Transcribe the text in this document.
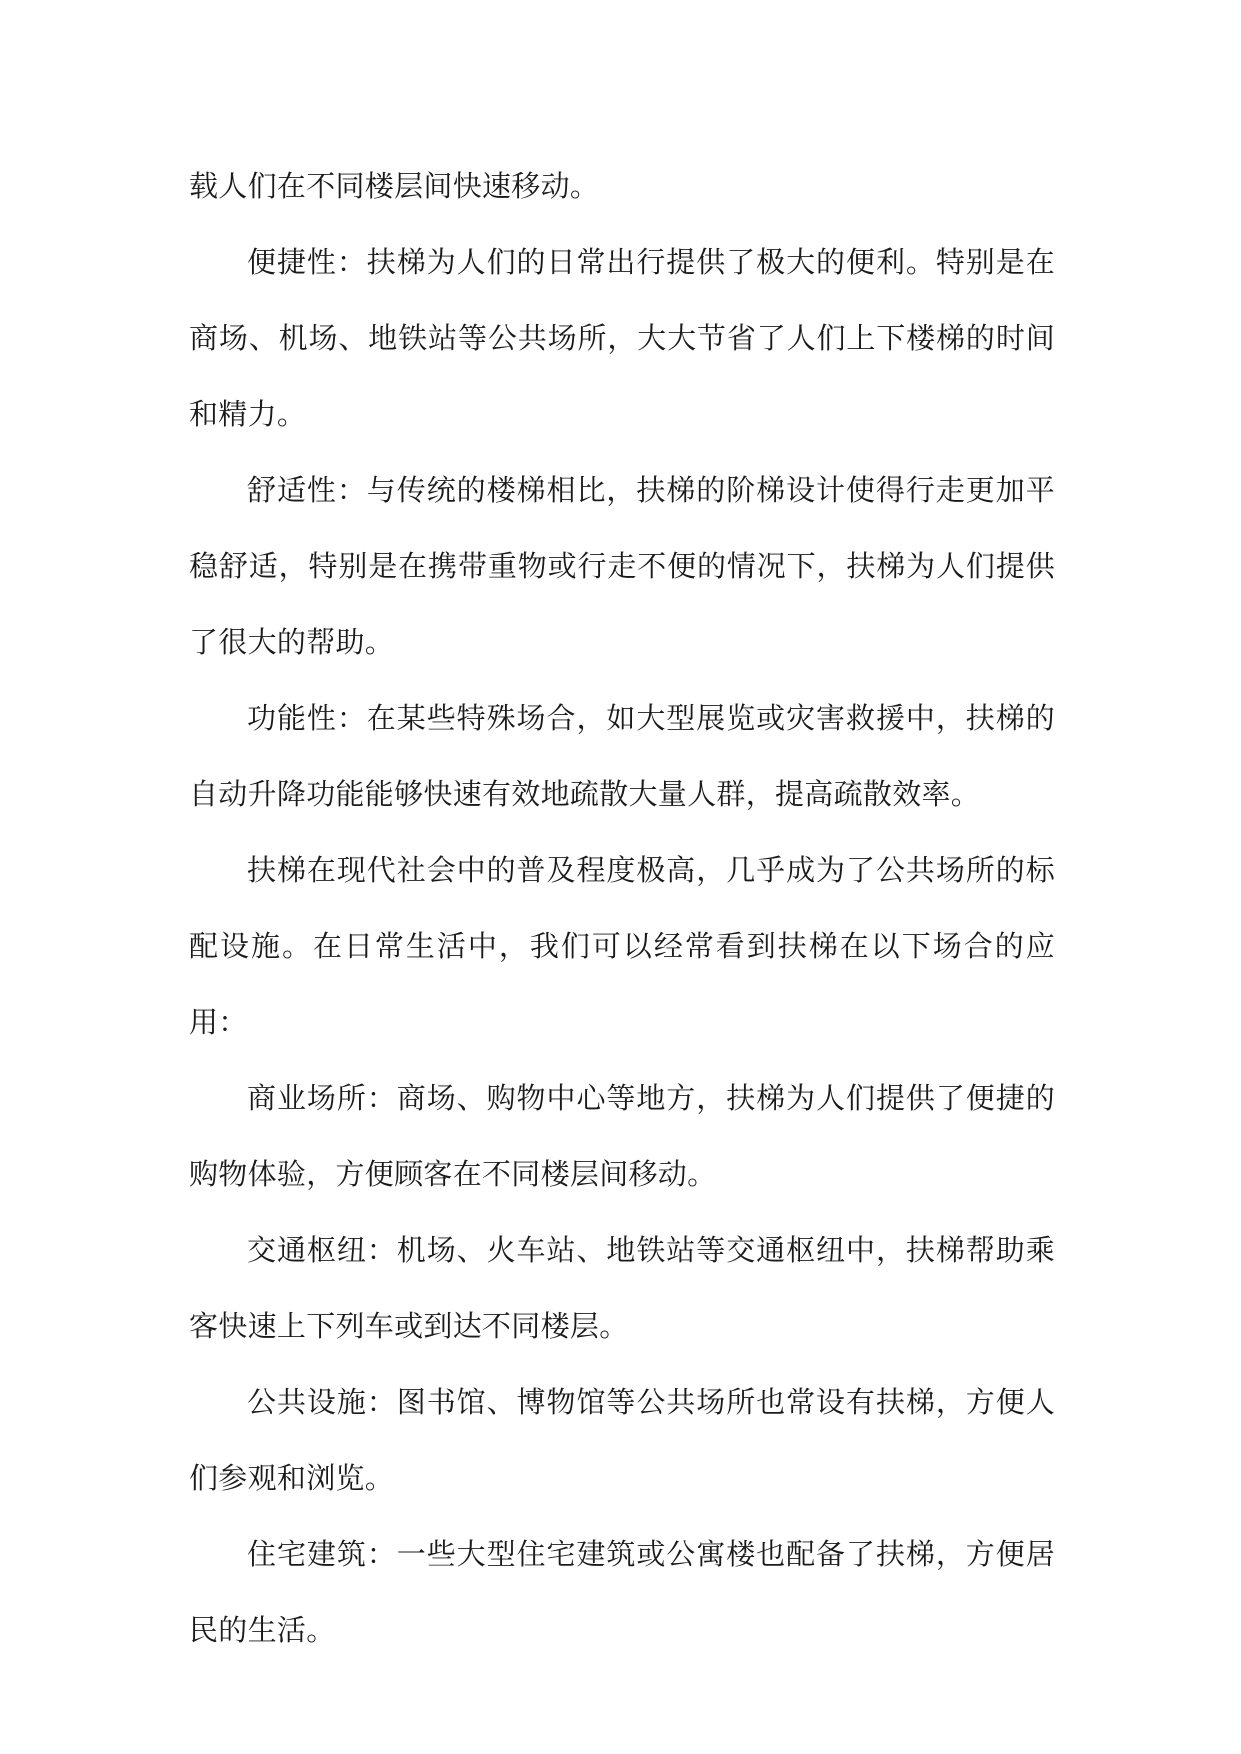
载人们在不同楼层间快速移动。

便捷性：扶梯为人们的日常出行提供了极大的便利。特别是在商场、机场、地铁站等公共场所，大大节省了人们上下楼梯的时间和精力。

舒适性：与传统的楼梯相比，扶梯的阶梯设计使得行走更加平稳舒适，特别是在携带重物或行走不便的情况下，扶梯为人们提供了很大的帮助。

功能性：在某些特殊场合，如大型展览或灾害救援中，扶梯的自动升降功能能够快速有效地疏散大量人群，提高疏散效率。

扶梯在现代社会中的普及程度极高，几乎成为了公共场所的标配设施。在日常生活中，我们可以经常看到扶梯在以下场合的应用：

商业场所：商场、购物中心等地方，扶梯为人们提供了便捷的购物体验，方便顾客在不同楼层间移动。

交通枢纽：机场、火车站、地铁站等交通枢纽中，扶梯帮助乘客快速上下列车或到达不同楼层。

公共设施：图书馆、博物馆等公共场所也常设有扶梯，方便人们参观和浏览。

住宅建筑：一些大型住宅建筑或公寓楼也配备了扶梯，方便居民的生活。
